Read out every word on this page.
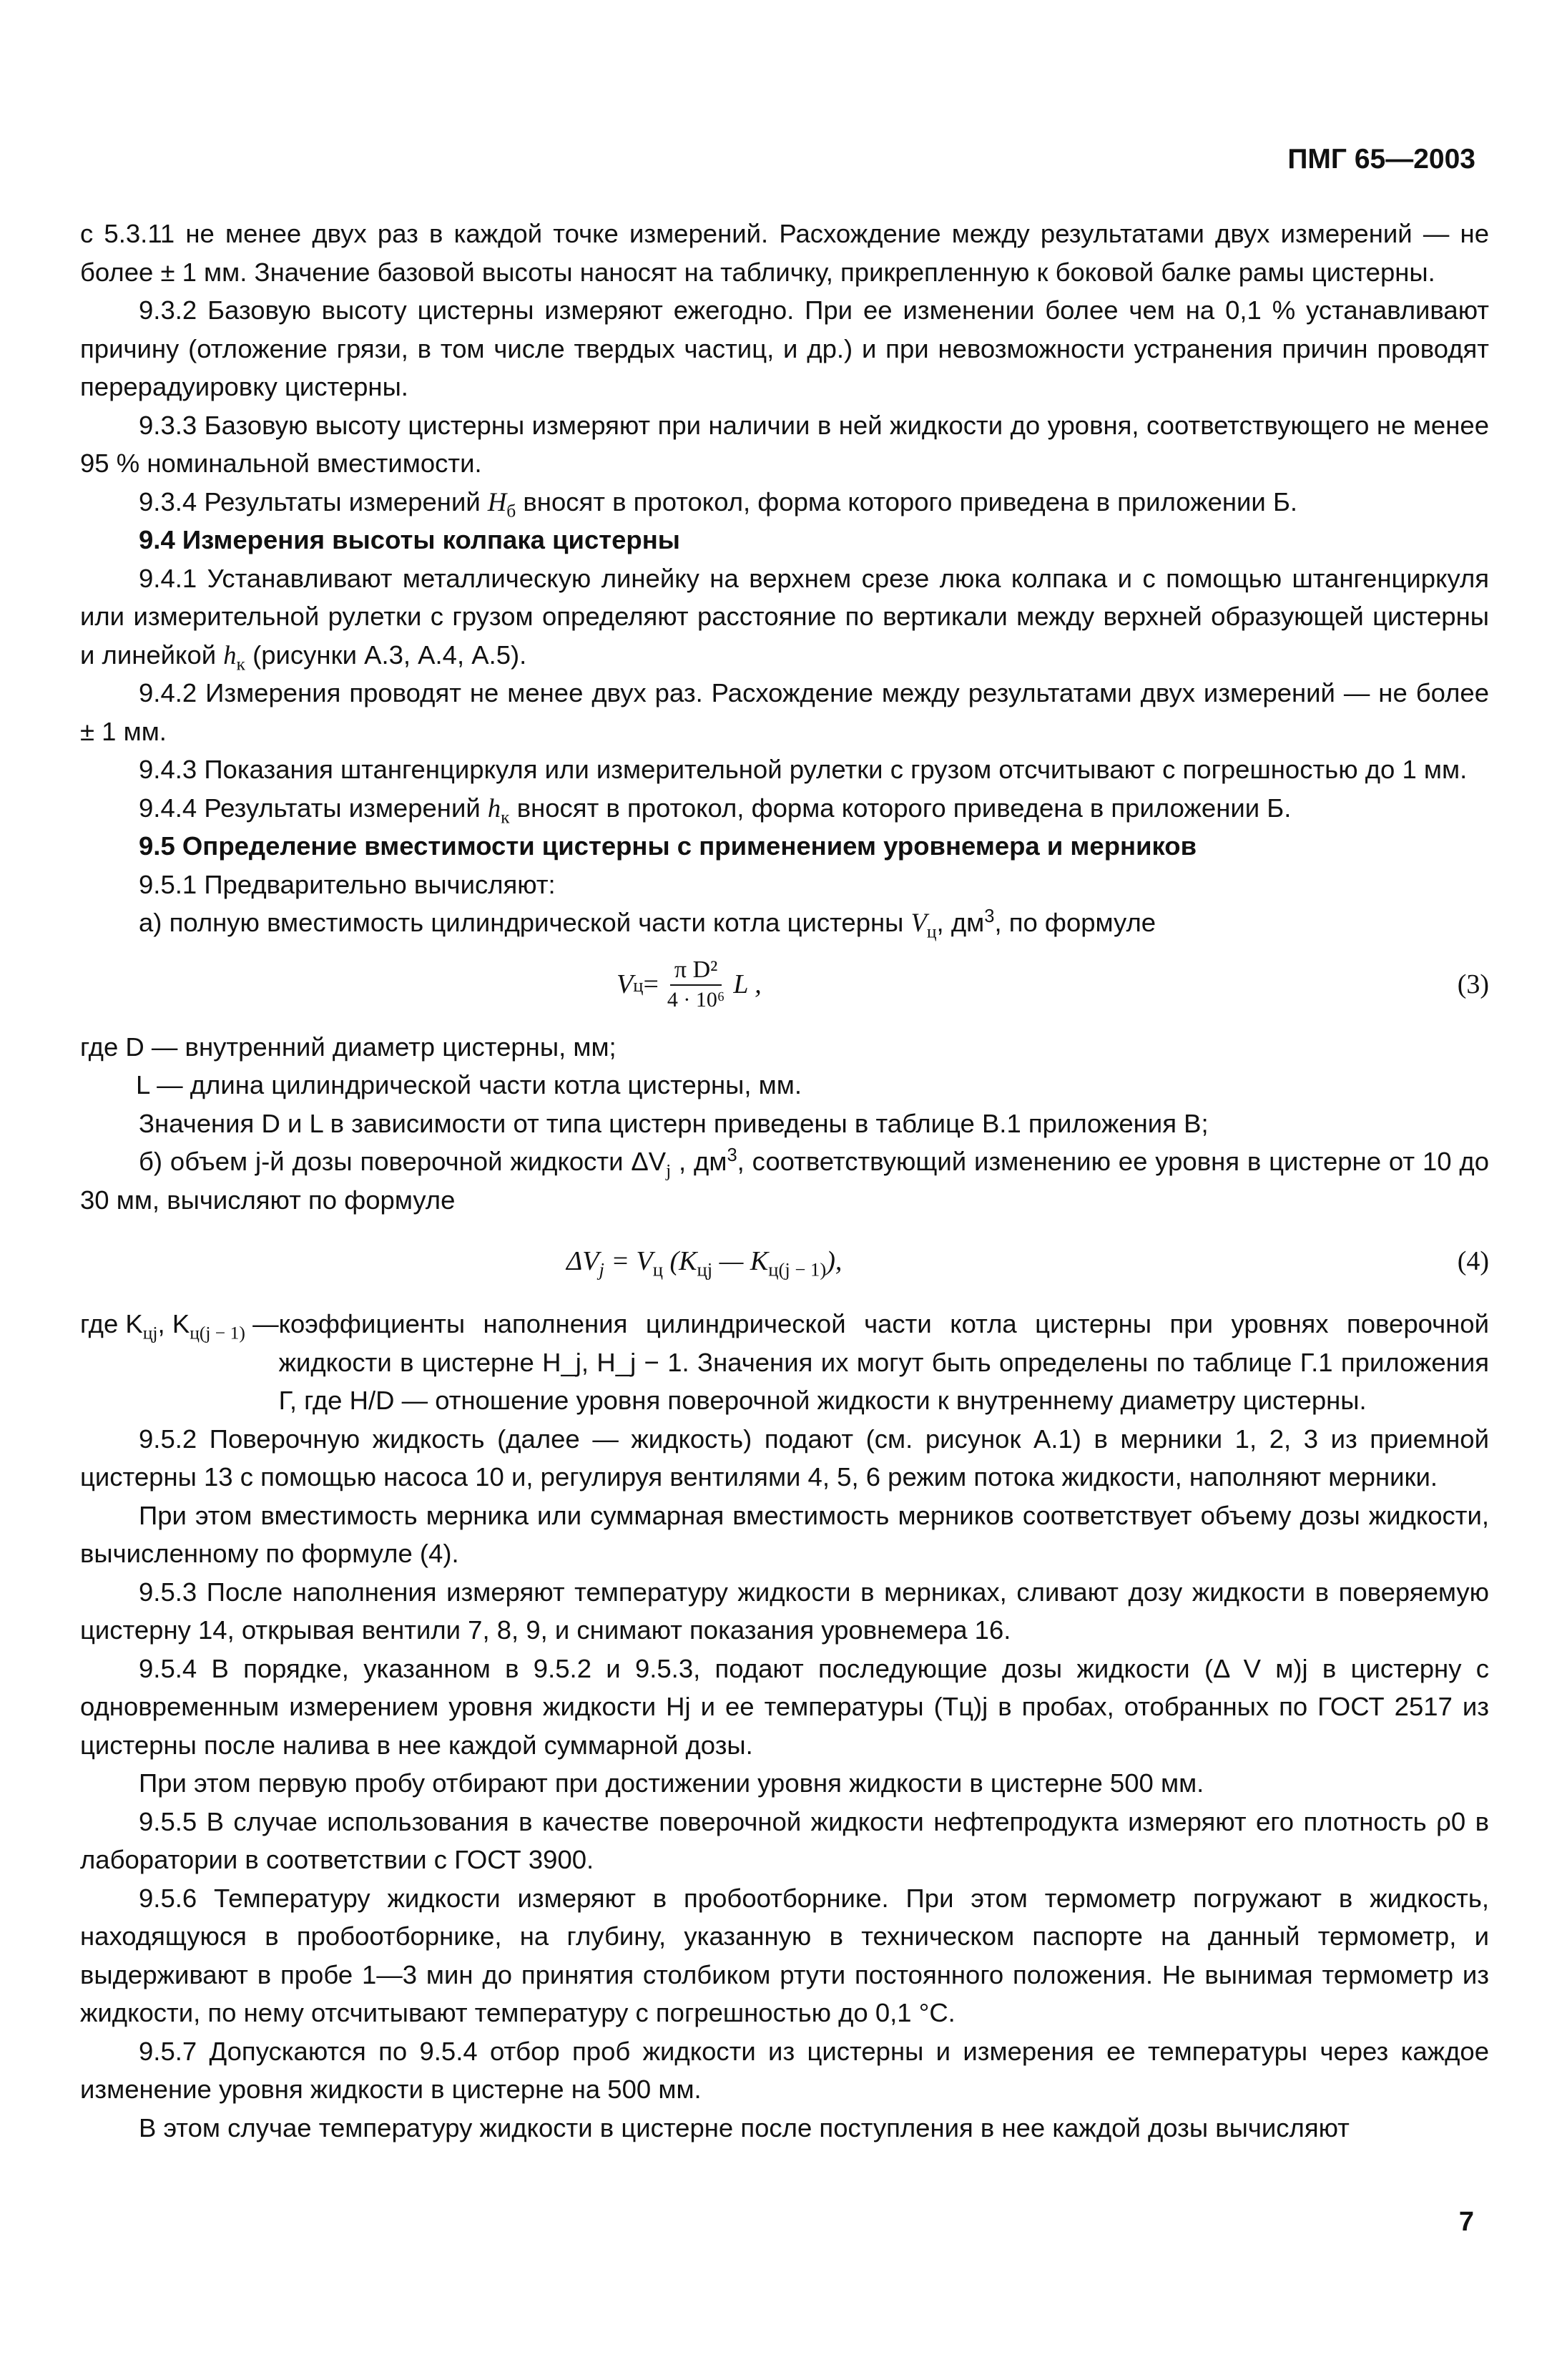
ПМГ 65—2003

с 5.3.11 не менее двух раз в каждой точке измерений. Расхождение между результатами двух измерений — не более ± 1 мм. Значение базовой высоты наносят на табличку, прикрепленную к боковой балке рамы цистерны.

9.3.2 Базовую высоту цистерны измеряют ежегодно. При ее изменении более чем на 0,1 % устанавливают причину (отложение грязи, в том числе твердых частиц, и др.) и при невозможности устранения причин проводят перерадуировку цистерны.

9.3.3 Базовую высоту цистерны измеряют при наличии в ней жидкости до уровня, соответствующего не менее 95 % номинальной вместимости.

9.3.4 Результаты измерений $H_б$ вносят в протокол, форма которого приведена в приложении Б.

9.4 Измерения высоты колпака цистерны

9.4.1 Устанавливают металлическую линейку на верхнем срезе люка колпака и с помощью штангенциркуля или измерительной рулетки с грузом определяют расстояние по вертикали между верхней образующей цистерны и линейкой $h_к$ (рисунки А.3, А.4, А.5).

9.4.2 Измерения проводят не менее двух раз. Расхождение между результатами двух измерений — не более ± 1 мм.

9.4.3 Показания штангенциркуля или измерительной рулетки с грузом отсчитывают с погрешностью до 1 мм.

9.4.4 Результаты измерений $h_к$ вносят в протокол, форма которого приведена в приложении Б.

9.5 Определение вместимости цистерны с применением уровнемера и мерников

9.5.1 Предварительно вычисляют:

а) полную вместимость цилиндрической части котла цистерны $V_ц$, $дм^3$, по формуле

V $ц = \frac{\text{π D²}}{\text{4 · 10⁶}}$ L ,	(3)

где D — внутренний диаметр цистерны, мм;

L — длина цилиндрической части котла цистерны, мм.

Значения D и L в зависимости от типа цистерн приведены в таблице В.1 приложения В;

б) объем j-й дозы поверочной жидкости $\Delta V_j$ , $дм^3$, соответствующий изменению ее уровня в цистерне от 10 до 30 мм, вычисляют по формуле

$\Delta V_j = V_ц$ ($K_{цj}$ — $K_{ц(j - 1)}$),	(4)
где $K_{цj}$, $K_{ц(j - 1)}$ — коэффициенты наполнения цилиндрической части котла цистерны при уровнях поверочной жидкости в цистерне H_j, H_j − 1. Значения их могут быть определены по таблице Г.1 приложения Г, где H/D — отношение уровня поверочной жидкости к внутреннему диаметру цистерны.

9.5.2 Поверочную жидкость (далее — жидкость) подают (см. рисунок А.1) в мерники 1, 2, 3 из приемной цистерны 13 с помощью насоса 10 и, регулируя вентилями 4, 5, 6 режим потока жидкости, наполняют мерники.

При этом вместимость мерника или суммарная вместимость мерников соответствует объему дозы жидкости, вычисленному по формуле (4).

9.5.3 После наполнения измеряют температуру жидкости в мерниках, сливают дозу жидкости в поверяемую цистерну 14, открывая вентили 7, 8, 9, и снимают показания уровнемера 16.

9.5.4 В порядке, указанном в 9.5.2 и 9.5.3, подают последующие дозы жидкости (Δ V м)j в цистерну с одновременным измерением уровня жидкости Hj и ее температуры (Tц)j в пробах, отобранных по ГОСТ 2517 из цистерны после налива в нее каждой суммарной дозы.

При этом первую пробу отбирают при достижении уровня жидкости в цистерне 500 мм.

9.5.5 В случае использования в качестве поверочной жидкости нефтепродукта измеряют его плотность ρ0 в лаборатории в соответствии с ГОСТ 3900.

9.5.6 Температуру жидкости измеряют в пробоотборнике. При этом термометр погружают в жидкость, находящуюся в пробоотборнике, на глубину, указанную в техническом паспорте на данный термометр, и выдерживают в пробе 1—3 мин до принятия столбиком ртути постоянного положения. Не вынимая термометр из жидкости, по нему отсчитывают температуру с погрешностью до 0,1 °С.

9.5.7 Допускаются по 9.5.4 отбор проб жидкости из цистерны и измерения ее температуры через каждое изменение уровня жидкости в цистерне на 500 мм.

В этом случае температуру жидкости в цистерне после поступления в нее каждой дозы вычисляют

7
